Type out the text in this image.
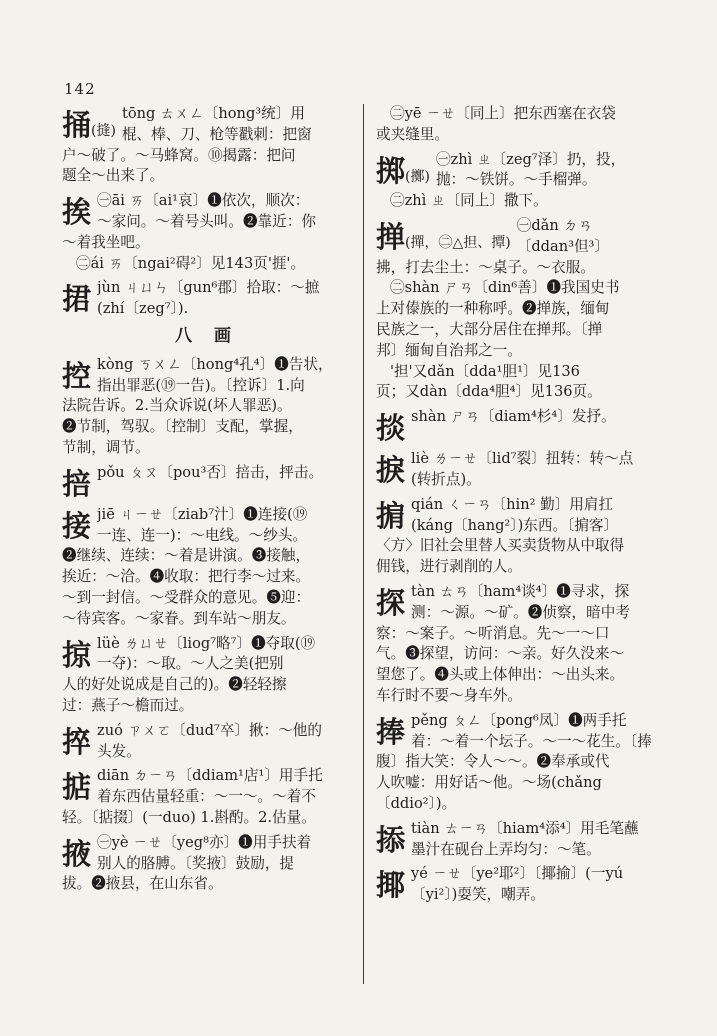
142
捅(摓)
tōng ㄊㄨㄥ〔hong³统〕用
棍、棒、刀、枪等戳刺：把窗
户～破了。～马蜂窝。⑩揭露：把问
题全～出来了。
挨 ㊀āi ㄞ〔ai¹哀〕❶依次，顺次：
～家问。～着号头叫。❷靠近：你
～着我坐吧。
㊁ái ㄞ〔ngai²碍²〕见143页'捱'。
捃 jùn ㄐㄩㄣ〔gun⁶郡〕拾取：～摭
(zhí〔zeg⁷〕).
八 画
控 kòng ㄎㄨㄥ〔hong⁴孔⁴〕❶告状，
指出罪恶(⑲一告)。〔控诉〕1.向
法院告诉。2.当众诉说(坏人罪恶)。
❷节制，驾驭。〔控制〕支配，掌握，
节制，调节。
掊 pǒu ㄆㄡ〔pou³否〕掊击，抨击。
接 jiē ㄐㄧㄝ〔ziab⁷汁〕❶连接(⑲
一连、连一)：～电线。～纱头。
❷继续、连续：～着是讲演。❸接触，
挨近：～洽。❹收取：把行李～过来。
～到一封信。～受群众的意见。❺迎：
～待宾客。～家眷。到车站～朋友。
掠 lüè ㄌㄩㄝ〔liog⁷略⁷〕❶夺取(⑲
一夺)：～取。～人之美(把别
人的好处说成是自己的)。❷轻轻擦
过：燕子～檐而过。
捽 zuó ㄗㄨㄛ〔dud⁷卒〕揪：～他的
头发。
掂 diān ㄉㄧㄢ〔ddiam¹店¹〕用手托
着东西估量轻重：～一～。～着不
轻。〔掂掇〕(一duo) 1.斟酌。2.估量。
掖 ㊀yè ㄧㄝ〔yeg⁸亦〕❶用手扶着
别人的胳膊。〔奖掖〕鼓励，提
拔。❷掖县，在山东省。
㊁yē ㄧㄝ〔同上〕把东西塞在衣袋
或夹缝里。
掷(擲)
㊀zhì ㄓ〔zeg⁷泽〕扔，投，
抛：～铁饼。～手榴弹。
㊁zhì ㄓ〔同上〕撒下。
掸(撣，㊁△担、撢)
㊀dǎn ㄉㄢ
〔ddan³但³〕
拂，打去尘土：～桌子。～衣服。
㊁shàn ㄕㄢ〔din⁶善〕❶我国史书
上对傣族的一种称呼。❷掸族，缅甸
民族之一，大部分居住在掸邦。〔掸
邦〕缅甸自治邦之一。
'担'又dǎn〔dda¹胆¹〕见136
页；又dàn〔dda⁴胆⁴〕见136页。
掞 shàn ㄕㄢ〔diam⁴杉⁴〕发抒。
捩 liè ㄌㄧㄝ〔lid⁷裂〕扭转：转～点
(转折点)。
掮 qián ㄑㄧㄢ〔hin² 勤〕用肩扛
(káng〔hang²〕)东西。〔掮客〕
〈方〉旧社会里替人买卖货物从中取得
佣钱，进行剥削的人。
探 tàn ㄊㄢ〔ham⁴谈⁴〕❶寻求，探
测：～源。～矿。❷侦察，暗中考
察：～案子。～听消息。先～一～口
气。❸探望，访问：～亲。好久没来～
望您了。❹头或上体伸出：～出头来。
车行时不要～身车外。
捧 pěng ㄆㄥ〔pong⁶凤〕❶两手托
着：～着一个坛子。～一～花生。〔捧
腹〕指大笑：令人～～。❷奉承或代
人吹嘘：用好话～他。～场(chǎng
〔ddio²〕)。
掭 tiàn ㄊㄧㄢ〔hiam⁴添⁴〕用毛笔蘸
墨汁在砚台上弄均匀：～笔。
揶 yé ㄧㄝ〔ye²耶²〕〔揶揄〕(一yú
〔yi²〕)耍笑，嘲弄。
